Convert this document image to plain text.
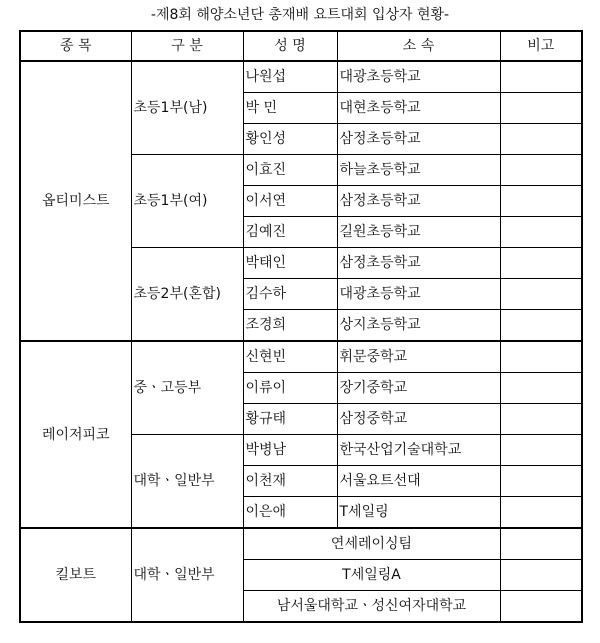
-제8회 해양소년단 총재배 요트대회 입상자 현황-
종 목	구 분	성 명	소 속	비고
옵티미스트	초등1부(남)	나원섭	대광초등학교	
		박 민	대현초등학교	
		황인성	삼정초등학교	
	초등1부(여)	이효진	하늘초등학교	
		이서연	삼정초등학교	
		김예진	길원초등학교	
	초등2부(혼합)	박태인	삼정초등학교	
		김수하	대광초등학교	
		조경희	상지초등학교	
레이저피코	중ㆍ고등부	신현빈	휘문중학교	
		이류이	장기중학교	
		황규태	삼정중학교	
	대학ㆍ일반부	박병남	한국산업기술대학교	
		이천재	서울요트선대	
		이은애	T세일링	
킬보트	대학ㆍ일반부	연세레이싱팀		
		T세일링A		
		남서울대학교ㆍ성신여자대학교		
